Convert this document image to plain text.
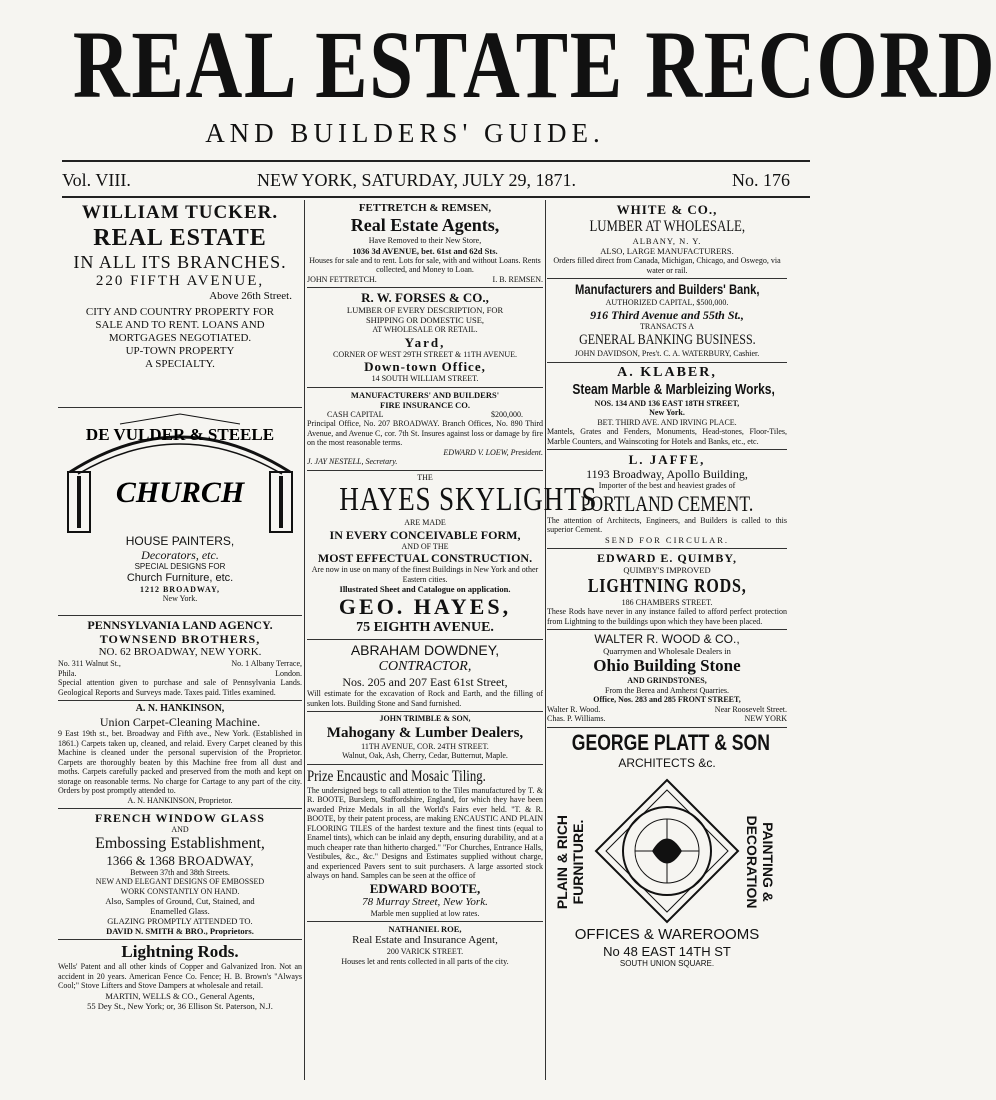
REAL ESTATE RECORD
AND BUILDERS' GUIDE.
Vol. VIII.	NEW YORK, SATURDAY, JULY 29, 1871.	No. 176
WILLIAM TUCKER.
REAL ESTATE
IN ALL ITS BRANCHES.
220 FIFTH AVENUE,
Above 26th Street.
CITY AND COUNTRY PROPERTY FOR
SALE AND TO RENT. LOANS AND
MORTGAGES NEGOTIATED.
UP-TOWN PROPERTY
A SPECIALTY.
DE VULDER & STEELE
CHURCH
HOUSE PAINTERS,
Decorators, etc.
SPECIAL DESIGNS FOR
Church Furniture, etc.
1212 BROADWAY,
New York.
PENNSYLVANIA LAND AGENCY.
TOWNSEND BROTHERS,
NO. 62 BROADWAY, NEW YORK.
No. 311 Walnut St.,
Phila.
No. 1 Albany Terrace,
London.
Special attention given to purchase and sale of Pennsylvania Lands. Geological Reports and Surveys made. Taxes paid. Titles examined.
A. N. HANKINSON,
Union Carpet-Cleaning Machine.
9 East 19th st., bet. Broadway and Fifth ave., New York. (Established in 1861.) Carpets taken up, cleaned, and relaid. Every Carpet cleaned by this Machine is cleaned under the personal supervision of the Proprietor. Carpets are thoroughly beaten by this Machine free from all dust and moths. Carpets carefully packed and preserved from the moth and kept on storage on reasonable terms. No charge for Cartage to any part of the city. Orders by post promptly attended to.
A. N. HANKINSON, Proprietor.
FRENCH WINDOW GLASS
AND
Embossing Establishment,
1366 & 1368 BROADWAY,
Between 37th and 38th Streets.
NEW AND ELEGANT DESIGNS OF EMBOSSED
WORK CONSTANTLY ON HAND.
Also, Samples of Ground, Cut, Stained, and
Enamelled Glass.
GLAZING PROMPTLY ATTENDED TO.
DAVID N. SMITH & BRO., Proprietors.
Lightning Rods.
Wells' Patent and all other kinds of Copper and Galvanized Iron. Not an accident in 20 years. American Fence Co. Fence; H. B. Brown's "Always Cool;" Stove Lifters and Stove Dampers at wholesale and retail.
MARTIN, WELLS & CO., General Agents,
55 Dey St., New York; or, 36 Ellison St. Paterson, N.J.
FETTRETCH & REMSEN,
Real Estate Agents,
Have Removed to their New Store,
1036 3d AVENUE, bet. 61st and 62d Sts.
Houses for sale and to rent. Lots for sale, with and without Loans. Rents collected, and Money to Loan.
JOHN FETTRETCH.	I. B. REMSEN.
R. W. FORSES & CO.,
LUMBER OF EVERY DESCRIPTION, FOR
SHIPPING OR DOMESTIC USE,
AT WHOLESALE OR RETAIL.
Yard,
CORNER OF WEST 29TH STREET & 11TH AVENUE.
Down-town Office,
14 SOUTH WILLIAM STREET.
MANUFACTURERS' AND BUILDERS'
FIRE INSURANCE CO.
CASH CAPITAL	$200,000.
Principal Office, No. 207 BROADWAY. Branch Offices, No. 890 Third Avenue, and Avenue C, cor. 7th St. Insures against loss or damage by fire on the most reasonable terms.
EDWARD V. LOEW, President.
J. JAY NESTELL, Secretary.
THE
HAYES SKYLIGHTS
ARE MADE
IN EVERY CONCEIVABLE FORM,
AND OF THE
MOST EFFECTUAL CONSTRUCTION.
Are now in use on many of the finest Buildings in New York and other Eastern cities.
Illustrated Sheet and Catalogue on application.
GEO. HAYES,
75 EIGHTH AVENUE.
ABRAHAM DOWDNEY,
CONTRACTOR,
Nos. 205 and 207 East 61st Street,
Will estimate for the excavation of Rock and Earth, and the filling of sunken lots. Building Stone and Sand furnished.
JOHN TRIMBLE & SON,
Mahogany & Lumber Dealers,
11TH AVENUE, COR. 24TH STREET.
Walnut, Oak, Ash, Cherry, Cedar, Butternut, Maple.
Prize Encaustic and Mosaic Tiling.
The undersigned begs to call attention to the Tiles manufactured by T. & R. BOOTE, Burslem, Staffordshire, England, for which they have been awarded Prize Medals in all the World's Fairs ever held. "T. & R. BOOTE, by their patent process, are making ENCAUSTIC AND PLAIN FLOORING TILES of the hardest texture and the finest tints (equal to Enamel tints), which can be inlaid any depth, ensuring durability, and at a much cheaper rate than hitherto charged." "For Churches, Entrance Halls, Vestibules, &c., &c." Designs and Estimates supplied without charge, and experienced Pavers sent to suit purchasers. A large assorted stock always on hand. Samples can be seen at the office of
EDWARD BOOTE,
78 Murray Street, New York.
Marble men supplied at low rates.
NATHANIEL ROE,
Real Estate and Insurance Agent,
200 VARICK STREET.
Houses let and rents collected in all parts of the city.
WHITE & CO.,
LUMBER AT WHOLESALE,
ALBANY, N. Y.
ALSO, LARGE MANUFACTURERS.
Orders filled direct from Canada, Michigan, Chicago, and Oswego, via water or rail.
Manufacturers and Builders' Bank,
AUTHORIZED CAPITAL, $500,000.
916 Third Avenue and 55th St.,
TRANSACTS A
GENERAL BANKING BUSINESS.
JOHN DAVIDSON, Pres't. C. A. WATERBURY, Cashier.
A. KLABER,
Steam Marble & Marbleizing Works,
NOS. 134 AND 136 EAST 18TH STREET,
New York.
BET. THIRD AVE. AND IRVING PLACE.
Mantels, Grates and Fenders, Monuments, Head-stones, Floor-Tiles, Marble Counters, and Wainscoting for Hotels and Banks, etc., etc.
L. JAFFE,
1193 Broadway, Apollo Building,
Importer of the best and heaviest grades of
PORTLAND CEMENT.
The attention of Architects, Engineers, and Builders is called to this superior Cement.
SEND FOR CIRCULAR.
EDWARD E. QUIMBY,
QUIMBY'S IMPROVED
LIGHTNING RODS,
186 CHAMBERS STREET.
These Rods have never in any instance failed to afford perfect protection from Lightning to the buildings upon which they have been placed.
WALTER R. WOOD & CO.,
Quarrymen and Wholesale Dealers in
Ohio Building Stone
AND GRINDSTONES,
From the Berea and Amherst Quarries.
Office, Nos. 283 and 285 FRONT STREET,
Walter R. Wood.	Near Roosevelt Street.
Chas. P. Williams.	NEW YORK
GEORGE PLATT & SON
ARCHITECTS &c.
PLAIN & RICH FURNITURE.	PAINTING & DECORATION
OFFICES & WAREROOMS
No 48 EAST 14TH ST
SOUTH UNION SQUARE.
